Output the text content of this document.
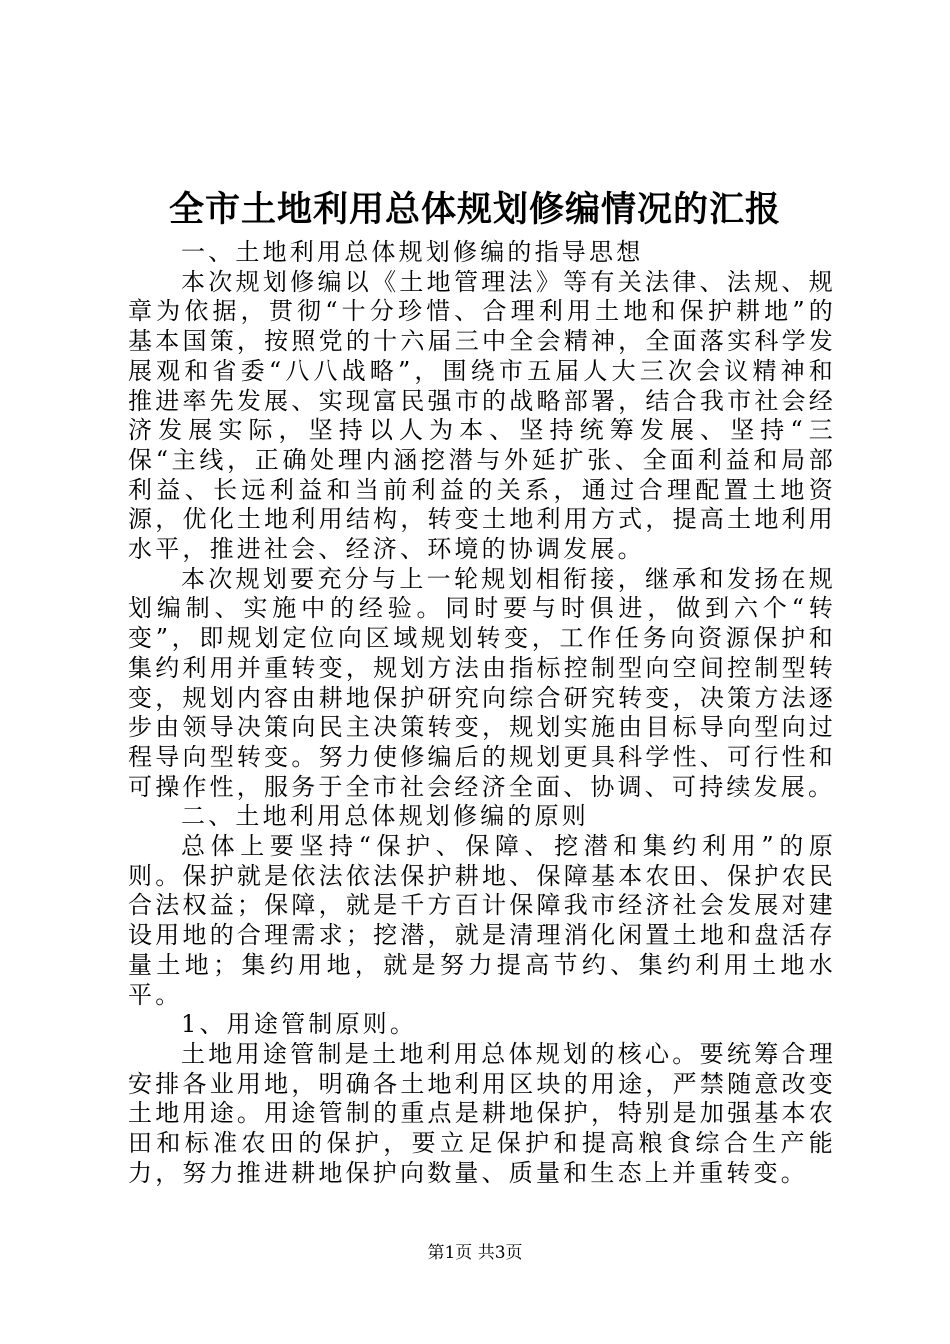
全市土地利用总体规划修编情况的汇报

一、土地利用总体规划修编的指导思想

本次规划修编以《土地管理法》等有关法律、法规、规章为依据，贯彻“十分珍惜、合理利用土地和保护耕地”的基本国策，按照党的十六届三中全会精神，全面落实科学发展观和省委“八八战略”，围绕市五届人大三次会议精神和推进率先发展、实现富民强市的战略部署，结合我市社会经济发展实际，坚持以人为本、坚持统筹发展、坚持“三保“主线，正确处理内涵挖潜与外延扩张、全面利益和局部利益、长远利益和当前利益的关系，通过合理配置土地资源，优化土地利用结构，转变土地利用方式，提高土地利用水平，推进社会、经济、环境的协调发展。

本次规划要充分与上一轮规划相衔接，继承和发扬在规划编制、实施中的经验。同时要与时俱进，做到六个“转变”，即规划定位向区域规划转变，工作任务向资源保护和集约利用并重转变，规划方法由指标控制型向空间控制型转变，规划内容由耕地保护研究向综合研究转变，决策方法逐步由领导决策向民主决策转变，规划实施由目标导向型向过程导向型转变。努力使修编后的规划更具科学性、可行性和可操作性，服务于全市社会经济全面、协调、可持续发展。

二、土地利用总体规划修编的原则

总体上要坚持“保护、保障、挖潜和集约利用”的原则。保护就是依法依法保护耕地、保障基本农田、保护农民合法权益；保障，就是千方百计保障我市经济社会发展对建设用地的合理需求；挖潜，就是清理消化闲置土地和盘活存量土地；集约用地，就是努力提高节约、集约利用土地水平。

1、用途管制原则。

土地用途管制是土地利用总体规划的核心。要统筹合理安排各业用地，明确各土地利用区块的用途，严禁随意改变土地用途。用途管制的重点是耕地保护，特别是加强基本农田和标准农田的保护，要立足保护和提高粮食综合生产能力，努力推进耕地保护向数量、质量和生态上并重转变。

第1页 共3页
